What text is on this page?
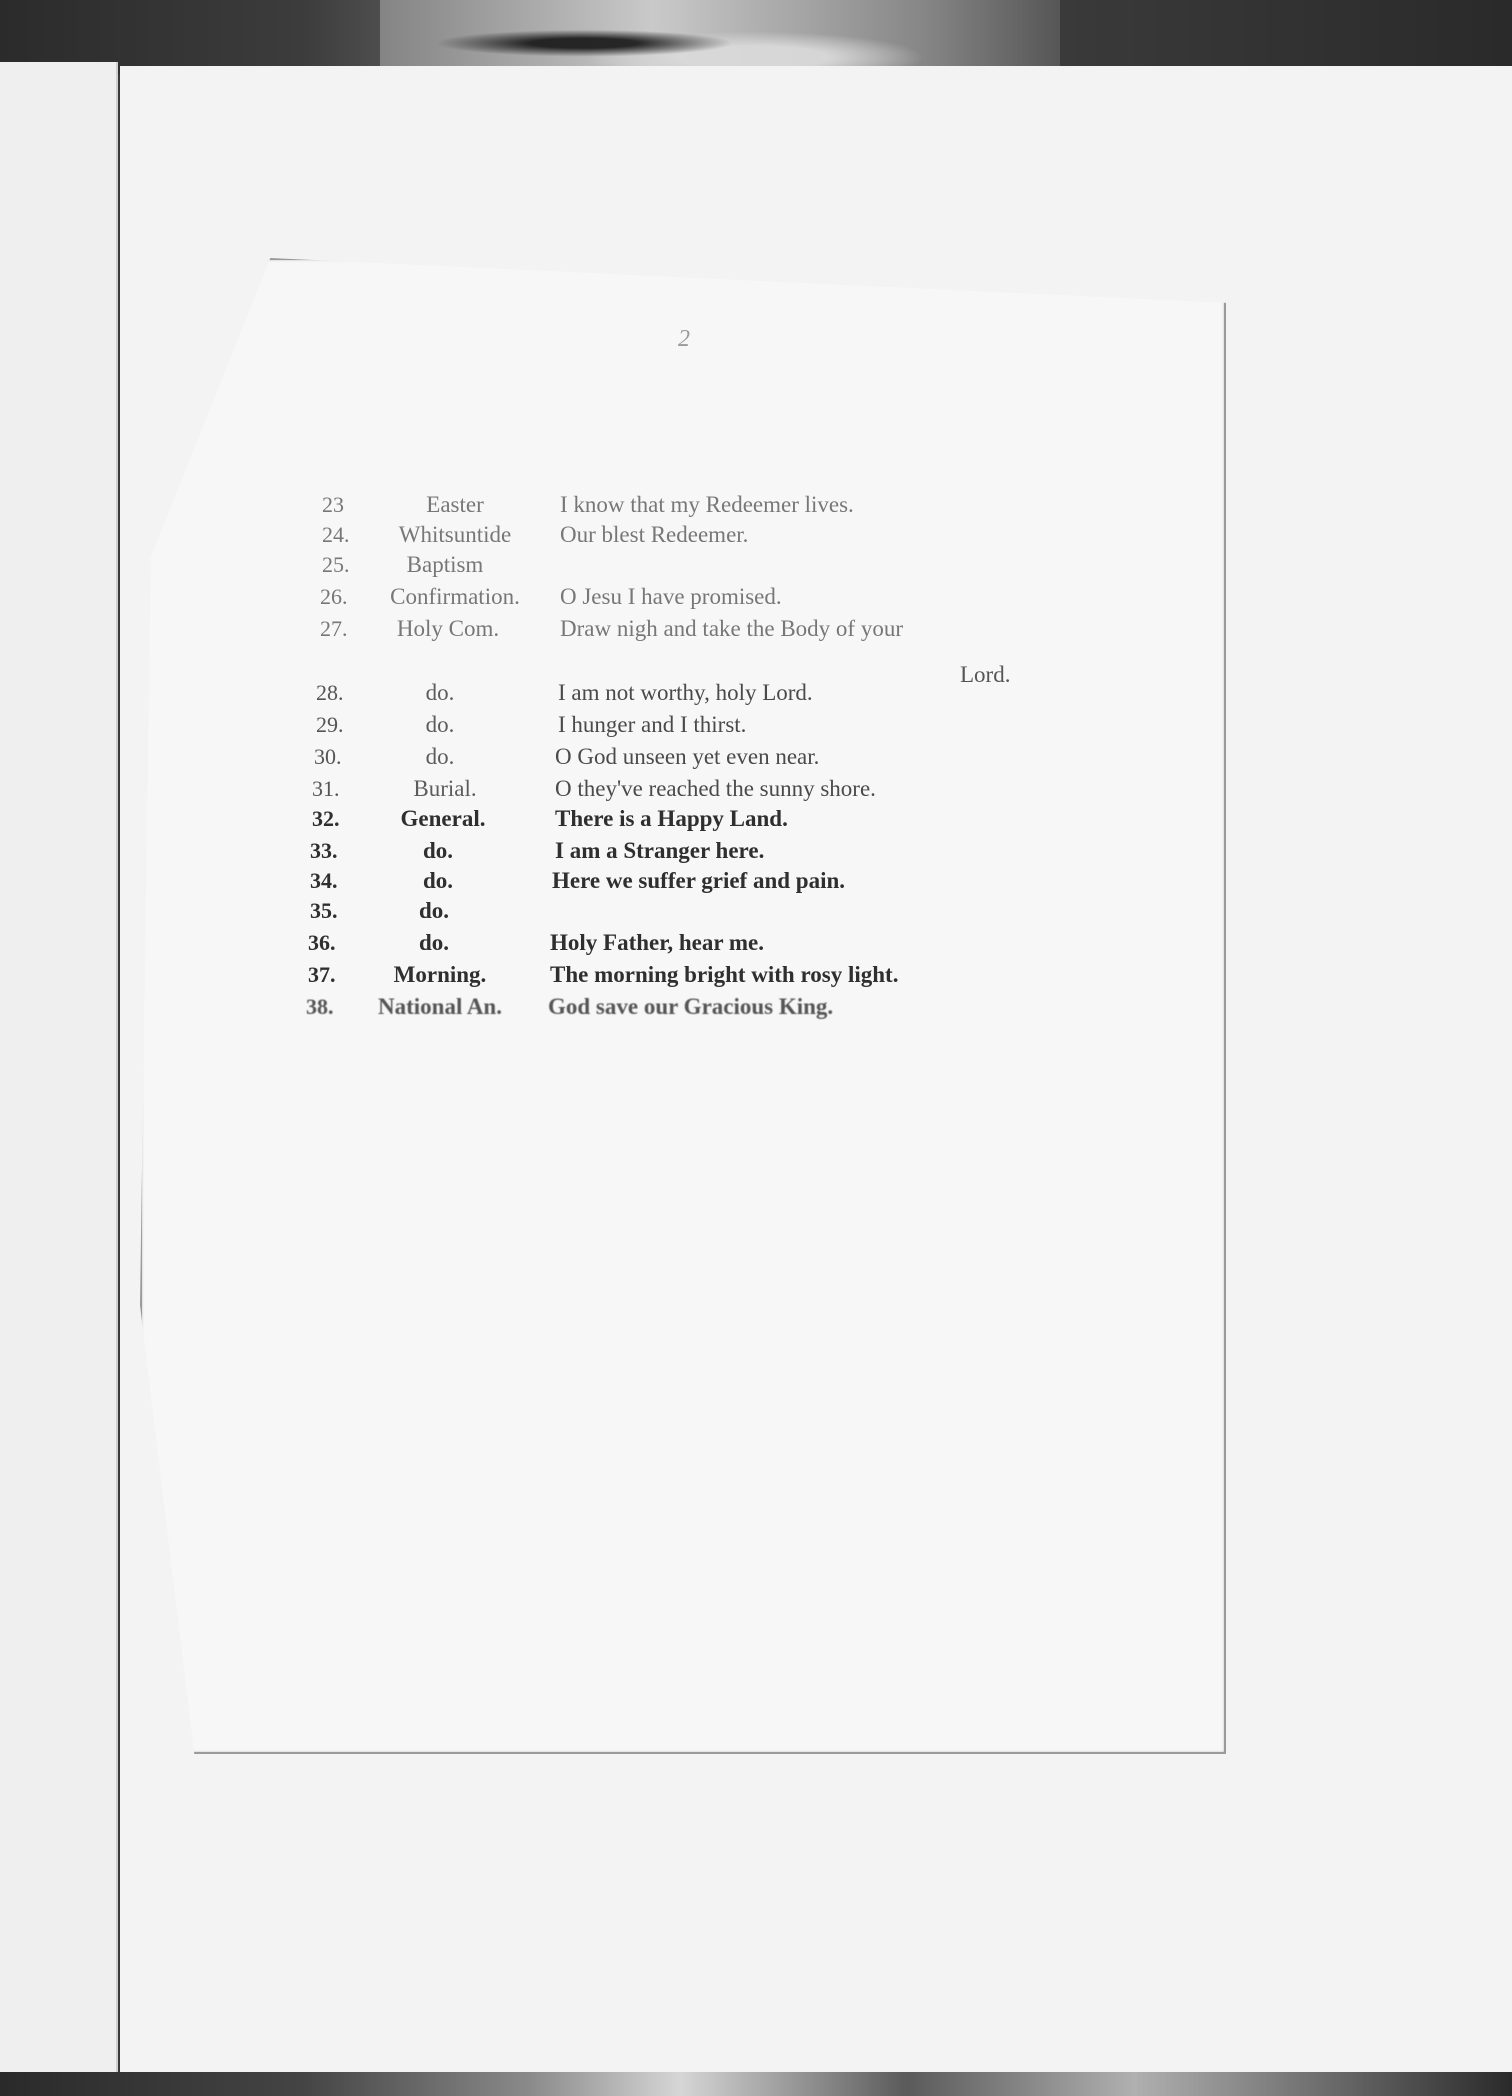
2
23	Easter	I know that my Redeemer lives.
24.	Whitsuntide	Our blest Redeemer.
25.	Baptism
26.	Confirmation.	O Jesu I have promised.
27.	Holy Com.	Draw nigh and take the Body of your
Lord.
28.	do.	I am not worthy, holy Lord.
29.	do.	I hunger and I thirst.
30.	do.	O God unseen yet even near.
31.	Burial.	O they've reached the sunny shore.
32.	General.	There is a Happy Land.
33.	do.	I am a Stranger here.
34.	do.	Here we suffer grief and pain.
35.	do.
36.	do.	Holy Father, hear me.
37.	Morning.	The morning bright with rosy light.
38.	National An.	God save our Gracious King.
